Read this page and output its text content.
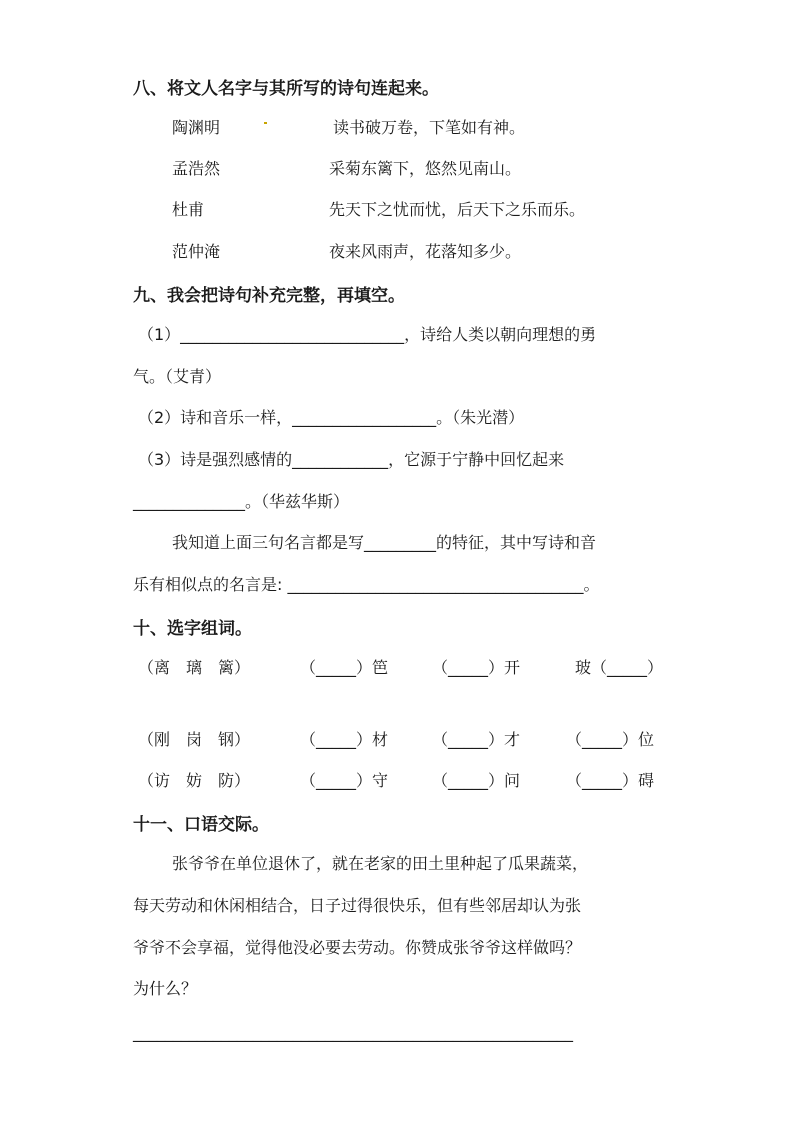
八、将文人名字与其所写的诗句连起来。
陶渊明	读书破万卷，下笔如有神。
孟浩然	采菊东篱下，悠然见南山。
杜甫	先天下之忧而忧，后天下之乐而乐。
范仲淹	夜来风雨声，花落知多少。
九、我会把诗句补充完整，再填空。
（1）____________________________，诗给人类以朝向理想的勇
气。（艾青）
（2）诗和音乐一样，__________________。（朱光潜）
（3）诗是强烈感情的____________，它源于宁静中回忆起来
______________。（华兹华斯）
我知道上面三句名言都是写_________的特征，其中写诗和音
乐有相似点的名言是: _____________________________________。
十、选字组词。
（离　璃　篱）	（_____）笆	（_____）开	玻（_____）
（刚　岗　钢）	（_____）材	（_____）才	（_____）位
（访　妨　防）	（_____）守	（_____）问	（_____）碍
十一、口语交际。
张爷爷在单位退休了，就在老家的田土里种起了瓜果蔬菜，
每天劳动和休闲相结合，日子过得很快乐，但有些邻居却认为张
爷爷不会享福，觉得他没必要去劳动。你赞成张爷爷这样做吗？
为什么？
_______________________________________________________
